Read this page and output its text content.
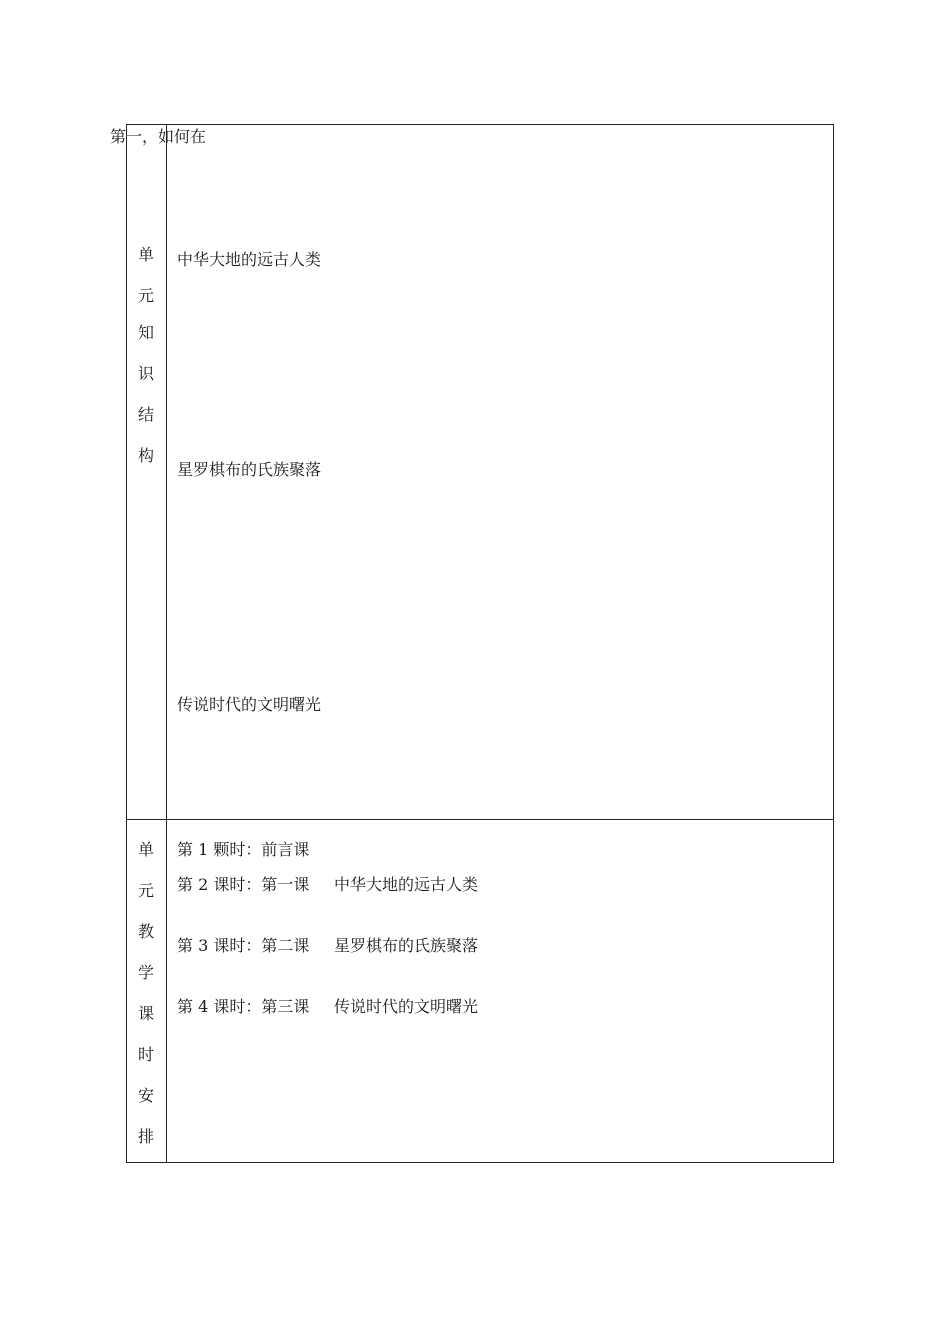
第一，如何在
单
元
知
识
结
构
中华大地的远古人类
星罗棋布的氏族聚落
传说时代的文明曙光
单
元
教
学
课
时
安
排
第 1 颗时：前言课
第 2 课时：第一课 中华大地的远古人类
第 3 课时：第二课 星罗棋布的氏族聚落
第 4 课时：第三课 传说时代的文明曙光
